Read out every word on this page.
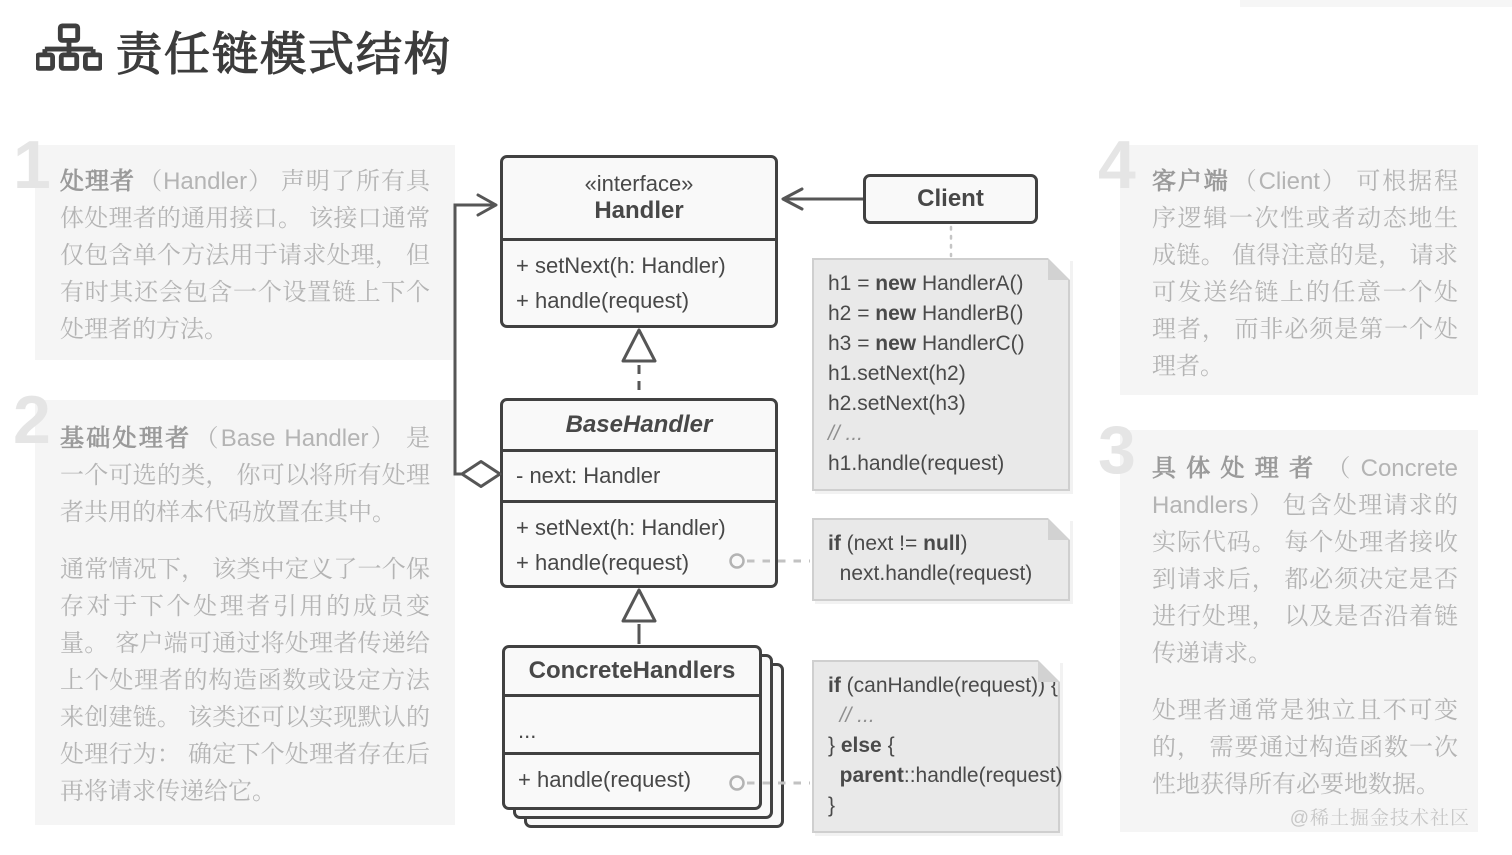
责任链模式结构
1 处理者 （Handler） 声明了所有具体处理者的通用接口。 该接口通常仅包含单个方法用于请求处理， 但有时其还会包含一个设置链上下个处理者的方法。

2 基础处理者 （Base Handler） 是一个可选的类， 你可以将所有处理者共用的样本代码放置在其中。

通常情况下， 该类中定义了一个保存对于下个处理者引用的成员变量。 客户端可通过将处理者传递给上个处理者的构造函数或设定方法来创建链。 该类还可以实现默认的处理行为： 确定下个处理者存在后再将请求传递给它。

4 客户端 （Client） 可根据程序逻辑一次性或者动态地生成链。 值得注意的是， 请求可发送给链上的任意一个处理者， 而非必须是第一个处理者。

3 具体处理者 （Concrete Handlers） 包含处理请求的实际代码。 每个处理者接收到请求后， 都必须决定是否进行处理， 以及是否沿着链传递请求。

处理者通常是独立且不可变的， 需要通过构造函数一次性地获得所有必要地数据。

@稀土掘金技术社区
«interface»
Handler
+ setNext(h: Handler)
+ handle(request)
Client
BaseHandler
- next: Handler
+ setNext(h: Handler)
+ handle(request)
ConcreteHandlers
...
+ handle(request)
h1 = new HandlerA()
h2 = new HandlerB()
h3 = new HandlerC()
h1.setNext(h2)
h2.setNext(h3)
// ...
h1.handle(request)
if (next != null)
next.handle(request)
if (canHandle(request)) {
// ...
} else {
parent::handle(request)
}
